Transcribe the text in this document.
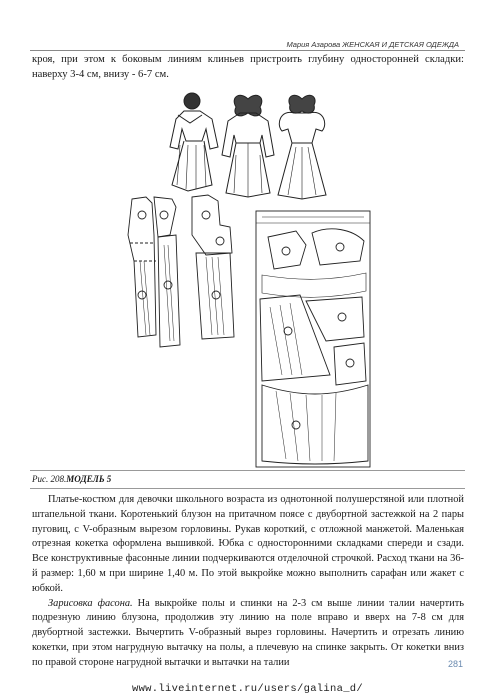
Мария Азарова ЖЕНСКАЯ И ДЕТСКАЯ ОДЕЖДА
кроя, при этом к боковым линиям клиньев пристроить глубину односторонней складки: наверху 3-4 см, внизу - 6-7 см.
Рис. 208.МОДЕЛЬ 5

Платье-костюм для девочки школьного возраста из однотонной полушерстяной или плотной штапельной ткани. Коротенький блузон на притачном поясе с двубортной застежкой на 2 пары пуговиц, с V-образным вырезом горловины. Рукав короткий, с отложной манжетой. Маленькая отрезная кокетка оформлена вышивкой. Юбка с односторонними складками спереди и сзади. Все конструктивные фасонные линии подчеркиваются отделочной строчкой. Расход ткани на 36-й размер: 1,60 м при ширине 1,40 м. По этой выкройке можно выполнить сарафан или жакет с юбкой.

Зарисовка фасона. На выкройке полы и спинки на 2-3 см выше линии талии начертить подрезную линию блузона, продолжив эту линию на поле вправо и вверх на 7-8 см для двубортной застежки. Вычертить V-образный вырез горловины. Начертить и отрезать линию кокетки, при этом нагрудную вытачку на полы, а плечевую на спинке закрыть. От кокетки вниз по правой стороне нагрудной вытачки и вытачки на талии	281
www.liveinternet.ru/users/galina_d/
